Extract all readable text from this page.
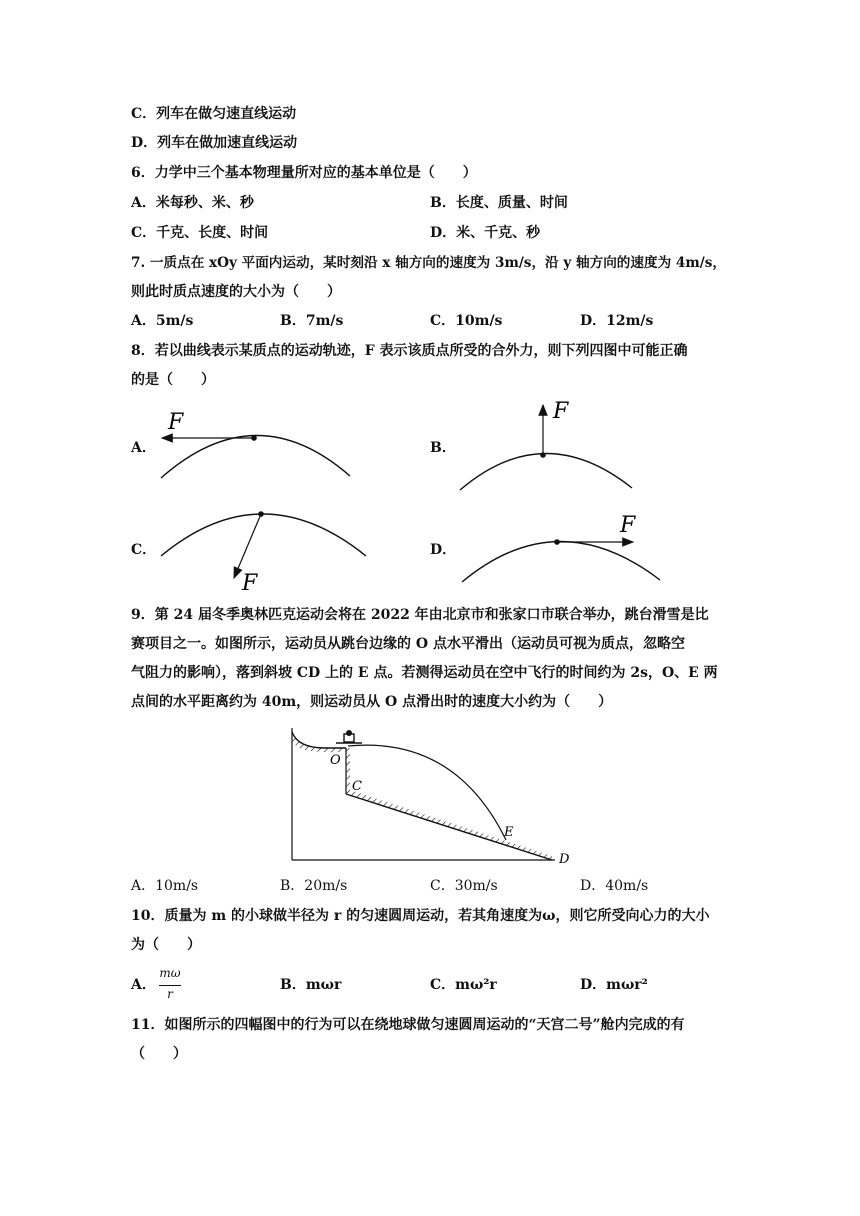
C．列车在做匀速直线运动
D．列车在做加速直线运动
6．力学中三个基本物理量所对应的基本单位是（　　）
A．米每秒、米、秒	B．长度、质量、时间
C．千克、长度、时间	D．米、千克、秒
7. 一质点在 xOy 平面内运动，某时刻沿 x 轴方向的速度为 3m/s，沿 y 轴方向的速度为 4m/s，
则此时质点速度的大小为（　　）
A．5m/s	B．7m/s	C．10m/s	D．12m/s
8．若以曲线表示某质点的运动轨迹，F 表示该质点所受的合外力，则下列四图中可能正确
的是（　　）
A．	B．
C．	D．
F	F
F
F
9．第 24 届冬季奥林匹克运动会将在 2022 年由北京市和张家口市联合举办，跳台滑雪是比
赛项目之一。如图所示，运动员从跳台边缘的 O 点水平滑出（运动员可视为质点，忽略空
气阻力的影响），落到斜坡 CD 上的 E 点。若测得运动员在空中飞行的时间约为 2s，O、E 两
点间的水平距离约为 40m，则运动员从 O 点滑出时的速度大小约为（　　）
O
C
E
D
A．10m/s	B．20m/s	C．30m/s	D．40m/s
10．质量为 m 的小球做半径为 r 的匀速圆周运动，若其角速度为ω，则它所受向心力的大小
为（　　）
A．
mω
r
B．mωr	C．mω²r	D．mωr²
11．如图所示的四幅图中的行为可以在绕地球做匀速圆周运动的“天宫二号”舱内完成的有
（　　）
